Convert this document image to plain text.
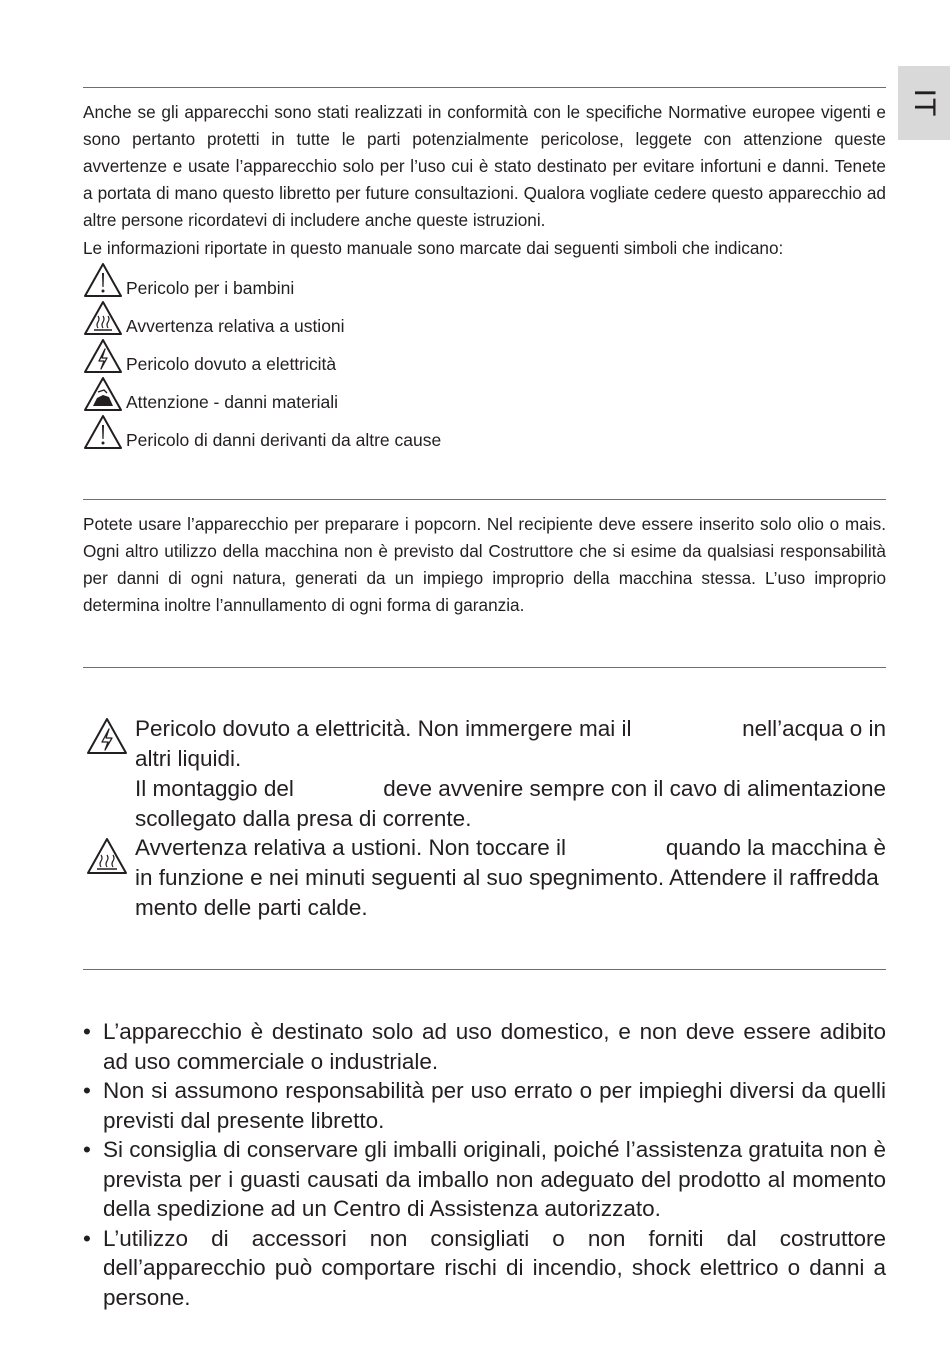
IT
Anche se gli apparecchi sono stati realizzati in conformità con le specifiche Normative europee vigenti e sono pertanto protetti in tutte le parti potenzialmente pericolose, leggete con attenzione queste avvertenze e usate l’apparecchio solo per l’uso cui è stato destinato per evitare infortuni e danni. Tenete a portata di mano questo libretto per future consultazioni. Qualora vogliate cedere questo apparecchio ad altre persone ricordatevi di includere anche queste istruzioni.
Le informazioni riportate in questo manuale sono marcate dai seguenti simboli che indicano:
Pericolo per i bambini
Avvertenza relativa a ustioni
Pericolo dovuto a elettricità
Attenzione - danni materiali
Pericolo di danni derivanti da altre cause
Potete usare l’apparecchio per preparare i popcorn. Nel recipiente deve essere inserito solo olio o mais. Ogni altro utilizzo della macchina non è previsto dal Costruttore che si esime da qualsiasi responsabilità per danni di ogni natura, generati da un impiego improprio della macchina stessa. L’uso improprio determina inoltre l’annullamento di ogni forma di garanzia.
Pericolo dovuto a elettricità. Non immergere mai il	nell’acqua o in
altri liquidi.
Il montaggio del	deve avvenire sempre con il cavo di alimentazione
scollegato dalla presa di corrente.
Avvertenza relativa a ustioni. Non toccare il	quando la macchina è
in funzione e nei minuti seguenti al suo spegnimento. Attendere il raffredda
mento delle parti calde.
• L’apparecchio è destinato solo ad uso domestico, e non deve essere adibito ad uso commerciale o industriale.
• Non si assumono responsabilità per uso errato o per impieghi diversi da quelli previsti dal presente libretto.
• Si consiglia di conservare gli imballi originali, poiché l’assistenza gratuita non è prevista per i guasti causati da imballo non adeguato del prodotto al momento della spedizione ad un Centro di Assistenza autorizzato.
• L’utilizzo di accessori non consigliati o non forniti dal costruttore dell’apparecchio può comportare rischi di incendio, shock elettrico o danni a persone.
